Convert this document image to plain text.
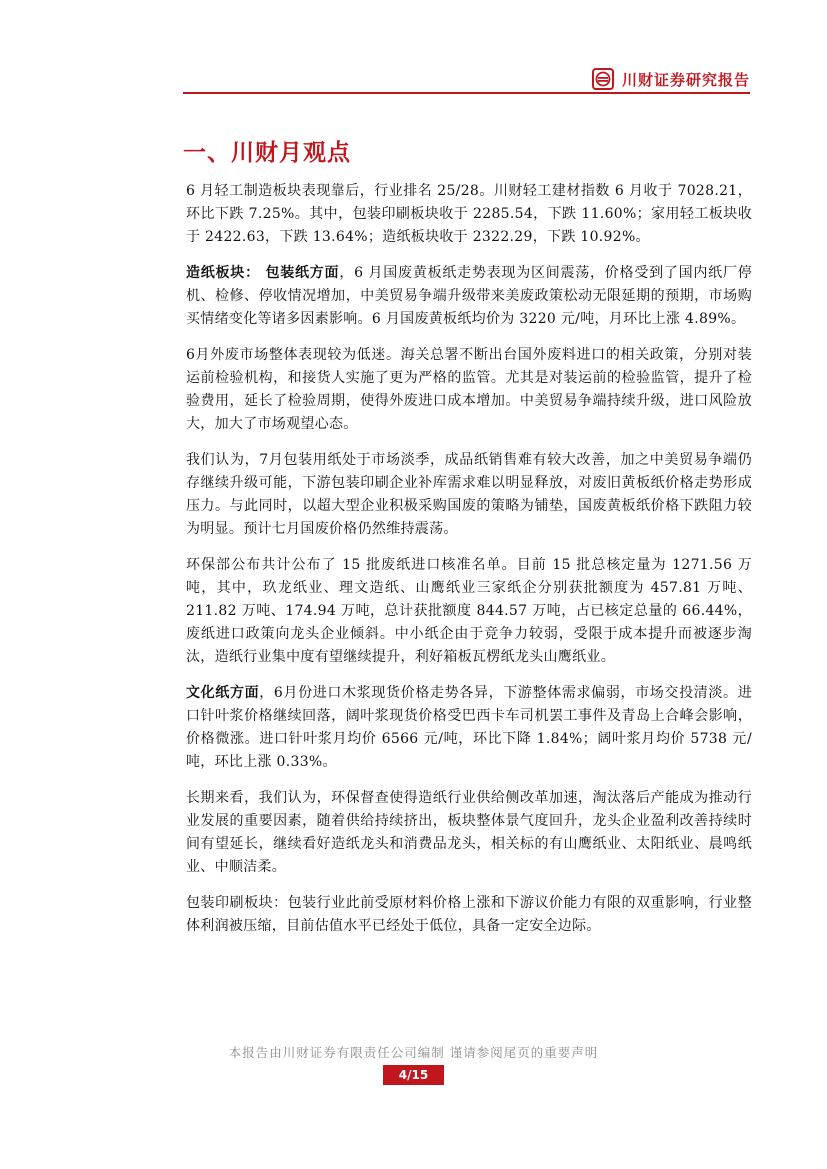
川财证券研究报告
一、川财月观点

6 月轻工制造板块表现靠后，行业排名 25/28。川财轻工建材指数 6 月收于 7028.21，环比下跌 7.25%。其中，包装印刷板块收于 2285.54，下跌 11.60%；家用轻工板块收于 2422.63，下跌 13.64%；造纸板块收于 2322.29，下跌 10.92%。

造纸板块： 包装纸方面，6 月国废黄板纸走势表现为区间震荡，价格受到了国内纸厂停机、检修、停收情况增加，中美贸易争端升级带来美废政策松动无限延期的预期，市场购买情绪变化等诸多因素影响。6 月国废黄板纸均价为 3220 元/吨，月环比上涨 4.89%。

6月外废市场整体表现较为低迷。海关总署不断出台国外废料进口的相关政策，分别对装运前检验机构，和接货人实施了更为严格的监管。尤其是对装运前的检验监管，提升了检验费用，延长了检验周期，使得外废进口成本增加。中美贸易争端持续升级，进口风险放大，加大了市场观望心态。

我们认为，7月包装用纸处于市场淡季，成品纸销售难有较大改善，加之中美贸易争端仍存继续升级可能，下游包装印刷企业补库需求难以明显释放，对废旧黄板纸价格走势形成压力。与此同时，以超大型企业积极采购国废的策略为铺垫，国废黄板纸价格下跌阻力较为明显。预计七月国废价格仍然维持震荡。

环保部公布共计公布了 15 批废纸进口核准名单。目前 15 批总核定量为 1271.56 万吨，其中，玖龙纸业、理文造纸、山鹰纸业三家纸企分别获批额度为 457.81 万吨、211.82 万吨、174.94 万吨，总计获批额度 844.57 万吨，占已核定总量的 66.44%，废纸进口政策向龙头企业倾斜。中小纸企由于竞争力较弱，受限于成本提升而被逐步淘汰，造纸行业集中度有望继续提升，利好箱板瓦楞纸龙头山鹰纸业。

文化纸方面，6月份进口木浆现货价格走势各异，下游整体需求偏弱，市场交投清淡。进口针叶浆价格继续回落，阔叶浆现货价格受巴西卡车司机罢工事件及青岛上合峰会影响，价格微涨。进口针叶浆月均价 6566 元/吨，环比下降 1.84%；阔叶浆月均价 5738 元/吨，环比上涨 0.33%。

长期来看，我们认为，环保督查使得造纸行业供给侧改革加速，淘汰落后产能成为推动行业发展的重要因素，随着供给持续挤出，板块整体景气度回升，龙头企业盈利改善持续时间有望延长，继续看好造纸龙头和消费品龙头，相关标的有山鹰纸业、太阳纸业、晨鸣纸业、中顺洁柔。

包装印刷板块：包装行业此前受原材料价格上涨和下游议价能力有限的双重影响，行业整体利润被压缩，目前估值水平已经处于低位，具备一定安全边际。

本报告由川财证券有限责任公司编制 谨请参阅尾页的重要声明
4/15
